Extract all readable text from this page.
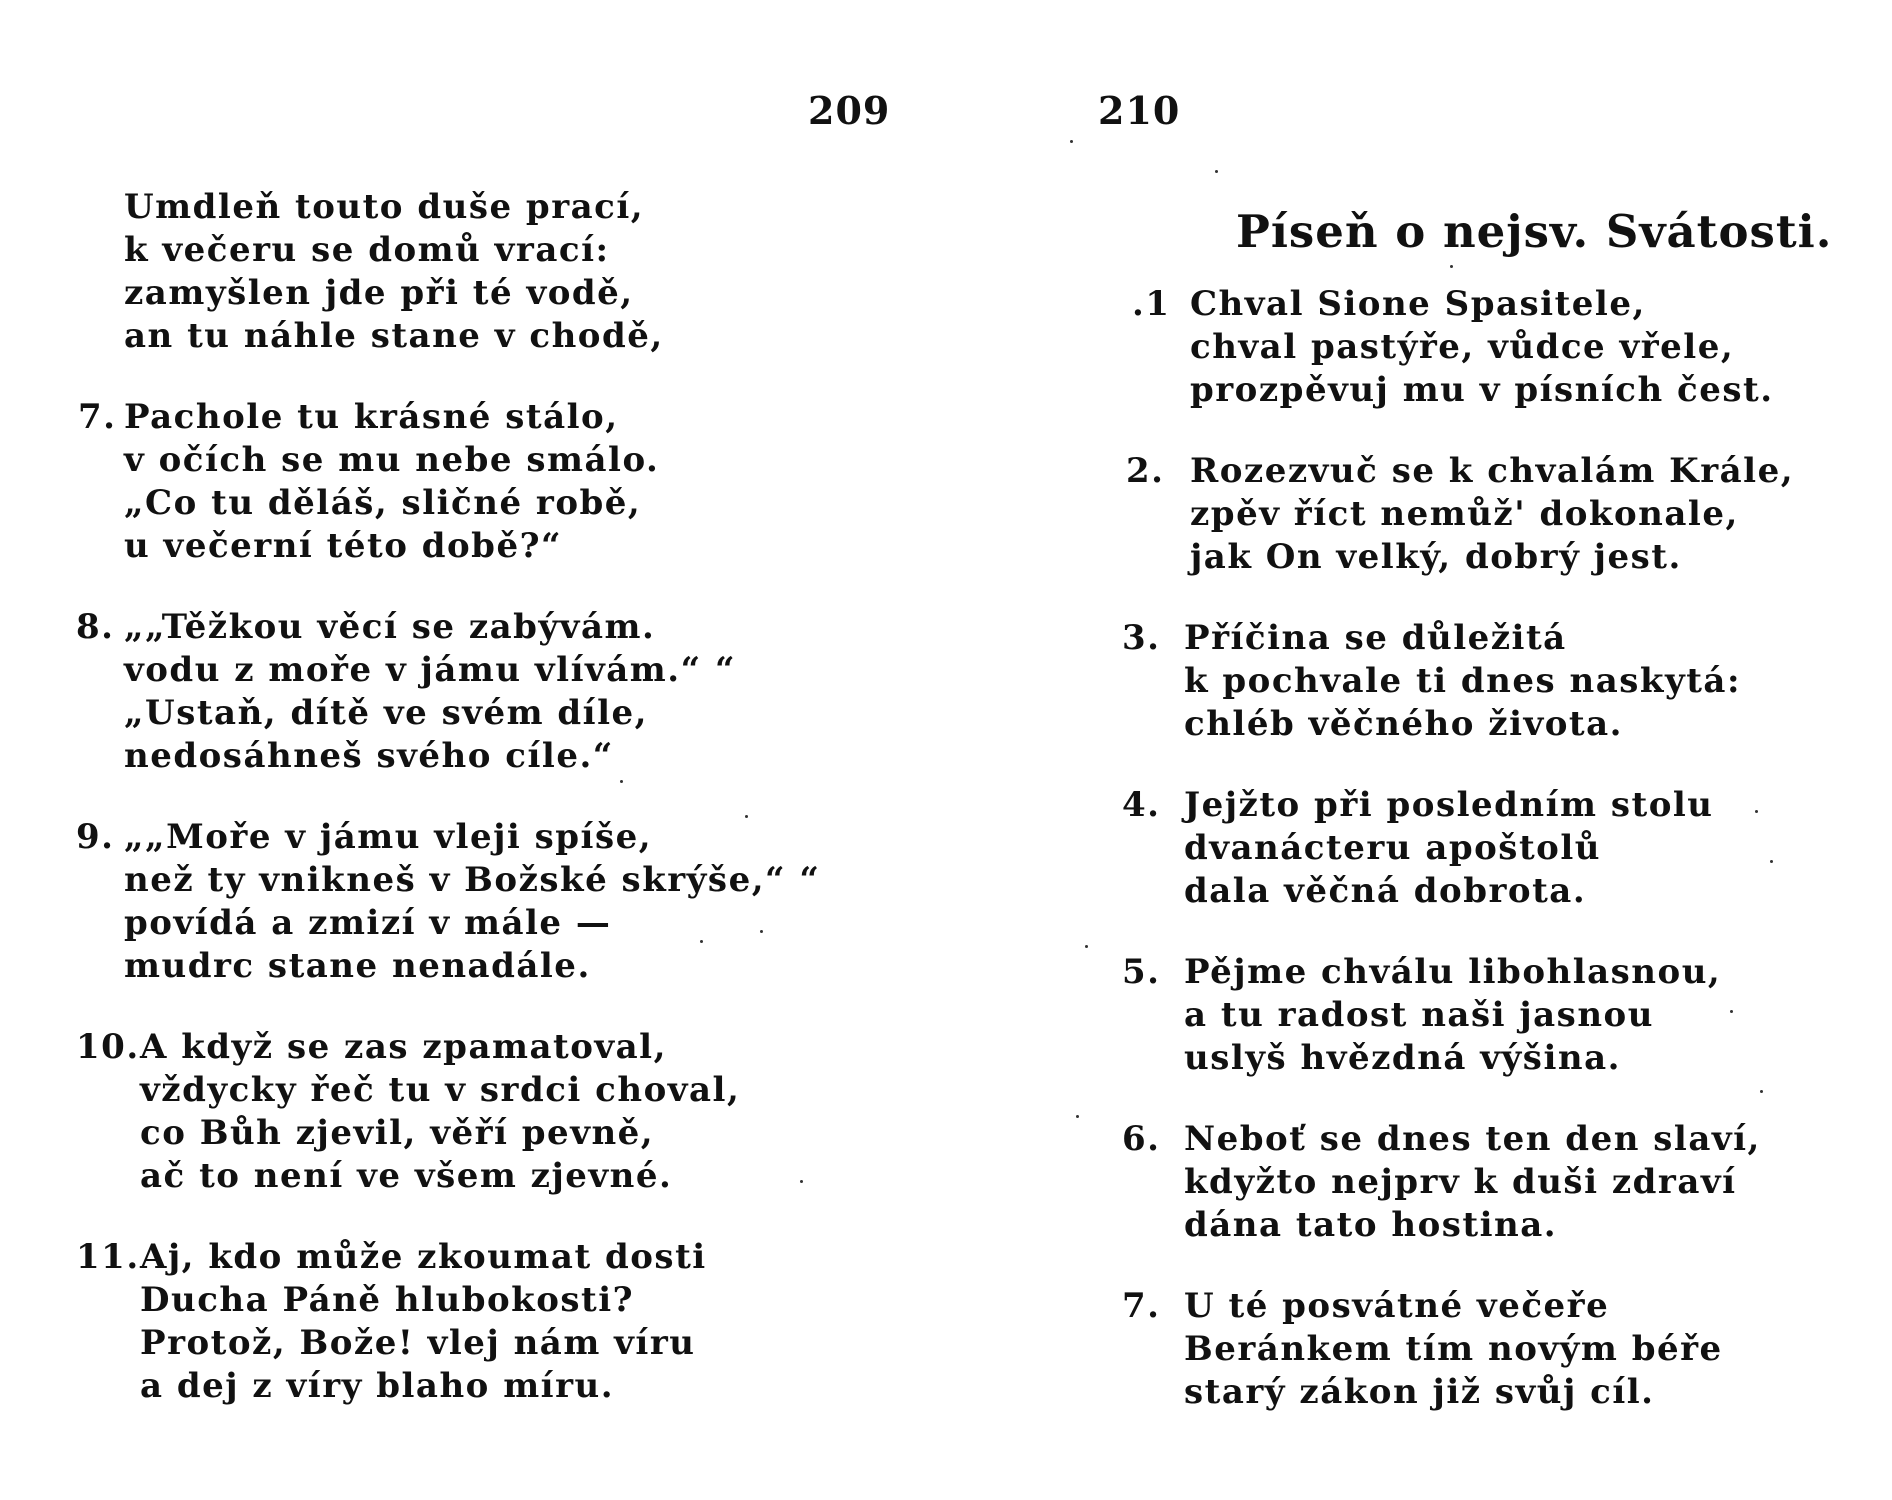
209
Umdleň touto duše prací,
k večeru se domů vrací:
zamyšlen jde při té vodě,
an tu náhle stane v chodě,
7. Pachole tu krásné stálo,
v očích se mu nebe smálo.
„Co tu děláš, sličné robě,
u večerní této době?“
8. „„Těžkou věcí se zabývám.
vodu z moře v jámu vlívám.“ “
„Ustaň, dítě ve svém díle,
nedosáhneš svého cíle.“
9. „„Moře v jámu vleji spíše,
než ty vnikneš v Božské skrýše,“ “
povídá a zmizí v mále —
mudrc stane nenadále.
10. A když se zas zpamatoval,
vždycky řeč tu v srdci choval,
co Bůh zjevil, věří pevně,
ač to není ve všem zjevné.
11. Aj, kdo může zkoumat dosti
Ducha Páně hlubokosti?
Protož, Bože! vlej nám víru
a dej z víry blaho míru.
210
Píseň o nejsv. Svátosti.
.1 Chval Sione Spasitele,
chval pastýře, vůdce vřele,
prozpěvuj mu v písních čest.
2. Rozezvuč se k chvalám Krále,
zpěv říct nemůž' dokonale,
jak On velký, dobrý jest.
3. Příčina se důležitá
k pochvale ti dnes naskytá:
chléb věčného života.
4. Jejžto při posledním stolu
dvanácteru apoštolů
dala věčná dobrota.
5. Pějme chválu libohlasnou,
a tu radost naši jasnou
uslyš hvězdná výšina.
6. Neboť se dnes ten den slaví,
kdyžto nejprv k duši zdraví
dána tato hostina.
7. U té posvátné večeře
Beránkem tím novým béře
starý zákon již svůj cíl.
